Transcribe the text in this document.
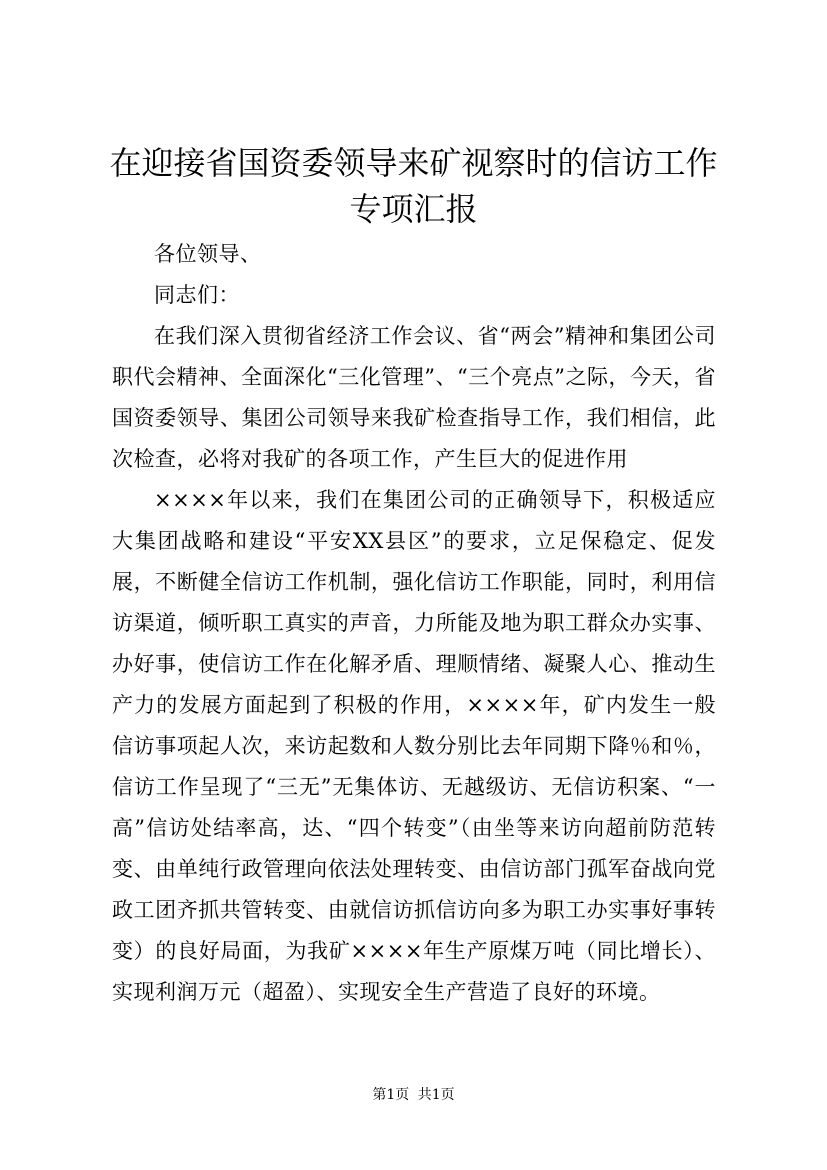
在迎接省国资委领导来矿视察时的信访工作专项汇报

各位领导、

同志们：

在我们深入贯彻省经济工作会议、省“两会”精神和集团公司职代会精神、全面深化“三化管理”、“三个亮点”之际，今天，省国资委领导、集团公司领导来我矿检查指导工作，我们相信，此次检查，必将对我矿的各项工作，产生巨大的促进作用

××××年以来，我们在集团公司的正确领导下，积极适应大集团战略和建设“平安XX县区”的要求，立足保稳定、促发展，不断健全信访工作机制，强化信访工作职能，同时，利用信访渠道，倾听职工真实的声音，力所能及地为职工群众办实事、办好事，使信访工作在化解矛盾、理顺情绪、凝聚人心、推动生产力的发展方面起到了积极的作用，××××年，矿内发生一般信访事项起人次，来访起数和人数分别比去年同期下降％和％，信访工作呈现了“三无”无集体访、无越级访、无信访积案、“一高”信访处结率高，达、“四个转变”（由坐等来访向超前防范转变、由单纯行政管理向依法处理转变、由信访部门孤军奋战向党政工团齐抓共管转变、由就信访抓信访向多为职工办实事好事转变）的良好局面，为我矿××××年生产原煤万吨（同比增长）、实现利润万元（超盈）、实现安全生产营造了良好的环境。

第1页 共1页
